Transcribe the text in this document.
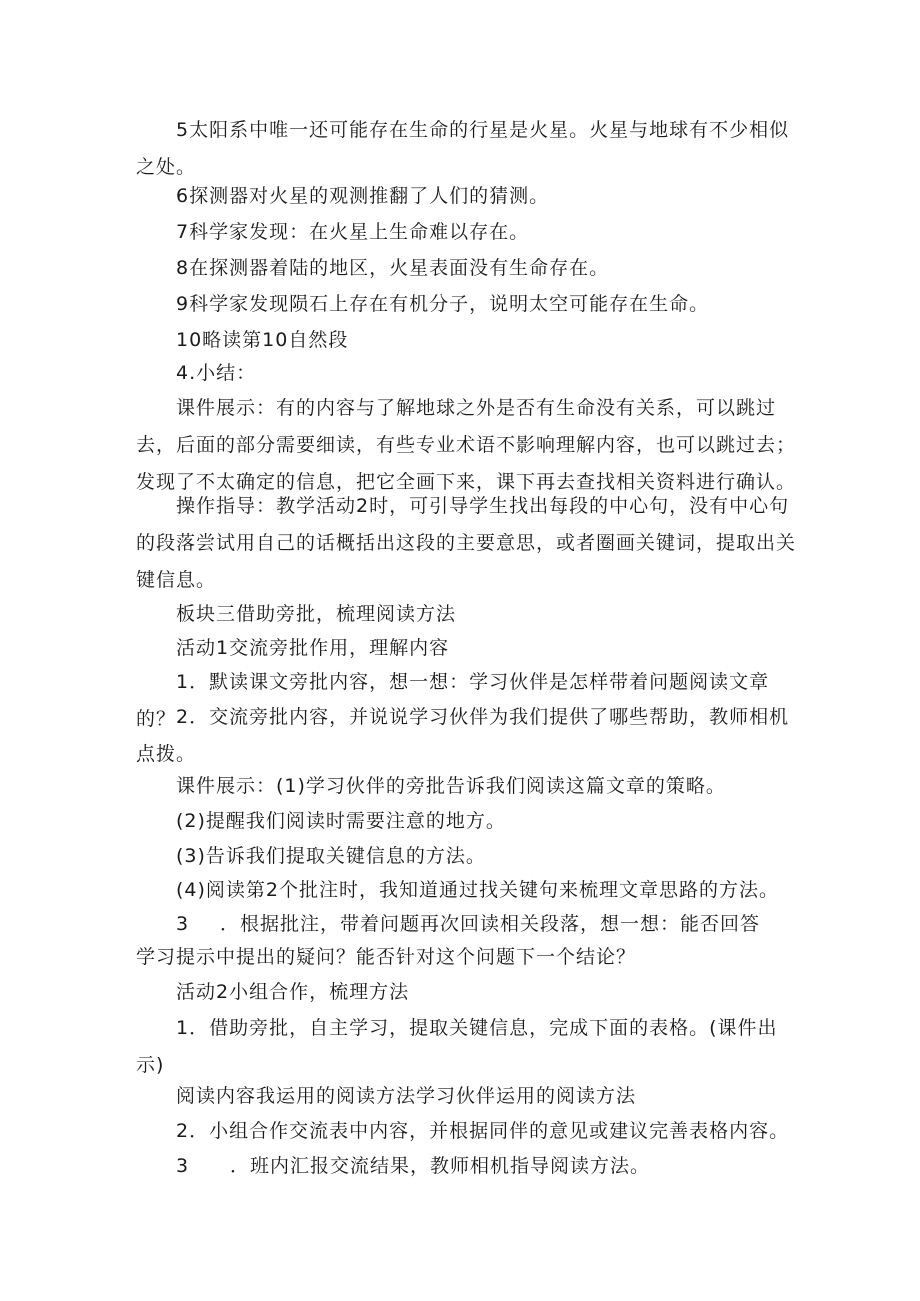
5太阳系中唯一还可能存在生命的行星是火星。火星与地球有不少相似之处。

6探测器对火星的观测推翻了人们的猜测。

7科学家发现：在火星上生命难以存在。

8在探测器着陆的地区，火星表面没有生命存在。

9科学家发现陨石上存在有机分子，说明太空可能存在生命。

10略读第10自然段

4.小结：

课件展示：有的内容与了解地球之外是否有生命没有关系，可以跳过去，后面的部分需要细读，有些专业术语不影响理解内容，也可以跳过去；发现了不太确定的信息，把它全画下来，课下再去查找相关资料进行确认。

操作指导：教学活动2时，可引导学生找出每段的中心句，没有中心句的段落尝试用自己的话概括出这段的主要意思，或者圈画关键词，提取出关键信息。

板块三借助旁批，梳理阅读方法

活动1交流旁批作用，理解内容

1．默读课文旁批内容，想一想：学习伙伴是怎样带着问题阅读文章的？ 2．交流旁批内容，并说说学习伙伴为我们提供了哪些帮助，教师相机点拨。

课件展示：(1)学习伙伴的旁批告诉我们阅读这篇文章的策略。

(2)提醒我们阅读时需要注意的地方。

(3)告诉我们提取关键信息的方法。

(4)阅读第2个批注时，我知道通过找关键句来梳理文章思路的方法。

3 ．根据批注，带着问题再次回读相关段落，想一想：能否回答
学习提示中提出的疑问？能否针对这个问题下一个结论？

活动2小组合作，梳理方法

1．借助旁批，自主学习，提取关键信息，完成下面的表格。(课件出示)

阅读内容我运用的阅读方法学习伙伴运用的阅读方法

2．小组合作交流表中内容，并根据同伴的意见或建议完善表格内容。

3 ．班内汇报交流结果，教师相机指导阅读方法。
